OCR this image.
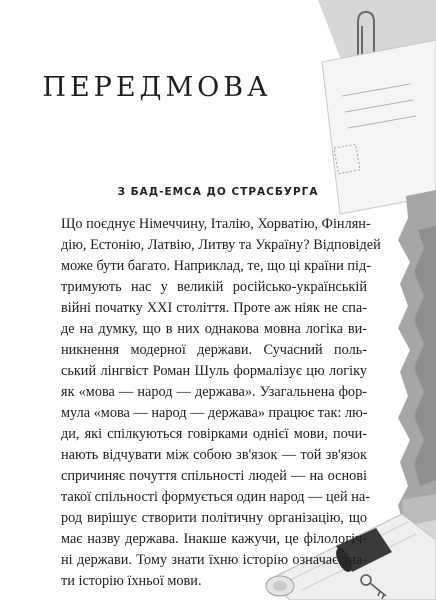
ПЕРЕДМОВА
З БАД-ЕМСА ДО СТРАСБУРГА
Що поєднує Німеччину, Італію, Хорватію, Фінлян-
дію, Естонію, Латвію, Литву та Україну? Відповідей
може бути багато. Наприклад, те, що ці країни під-
тримують нас у великій російсько-українській
війні початку ХХІ століття. Проте аж ніяк не спа-
де на думку, що в них однакова мовна логіка ви-
никнення модерної держави. Сучасний поль-
ський лінгвіст Роман Шуль формалізує цю логіку
як «мова — народ — держава». Узагальнена фор-
мула «мова — народ — держава» працює так: лю-
ди, які спілкуються говірками однієї мови, почи-
нають відчувати між собою зв'язок — той зв'язок
спричиняє почуття спільності людей — на основі
такої спільності формується один народ — цей на-
род вирішує створити політичну організацію, що
має назву держава. Інакше кажучи, це філологіч-
ні держави. Тому знати їхню історію означає зна-
ти історію їхньої мови.
